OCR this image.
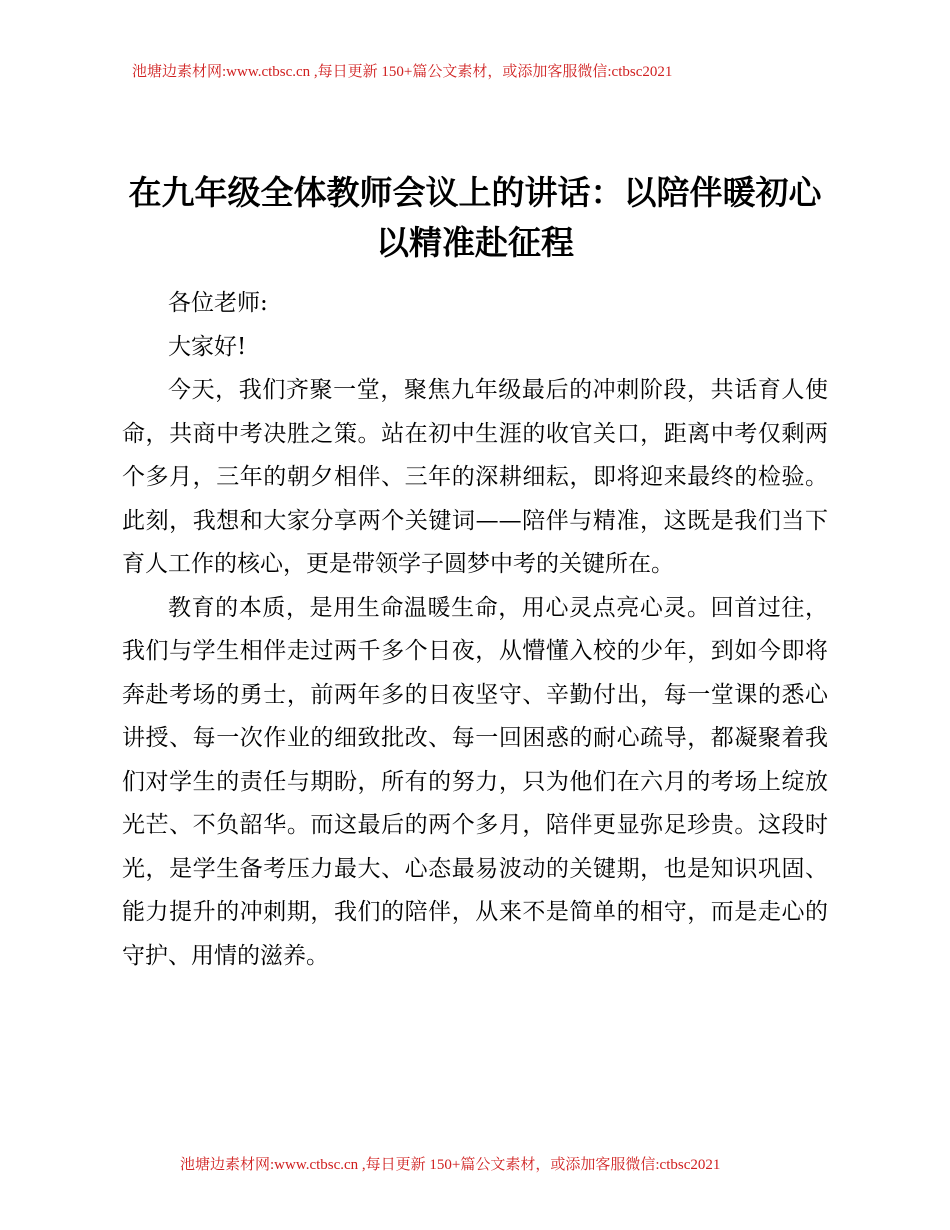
池塘边素材网:www.ctbsc.cn ,每日更新 150+篇公文素材，或添加客服微信:ctbsc2021
在九年级全体教师会议上的讲话：以陪伴暖初心以精准赴征程

各位老师:

大家好!

今天，我们齐聚一堂，聚焦九年级最后的冲刺阶段，共话育人使命，共商中考决胜之策。站在初中生涯的收官关口，距离中考仅剩两个多月，三年的朝夕相伴、三年的深耕细耘，即将迎来最终的检验。此刻，我想和大家分享两个关键词——陪伴与精准，这既是我们当下育人工作的核心，更是带领学子圆梦中考的关键所在。

教育的本质，是用生命温暖生命，用心灵点亮心灵。回首过往，我们与学生相伴走过两千多个日夜，从懵懂入校的少年，到如今即将奔赴考场的勇士，前两年多的日夜坚守、辛勤付出，每一堂课的悉心讲授、每一次作业的细致批改、每一回困惑的耐心疏导，都凝聚着我们对学生的责任与期盼，所有的努力，只为他们在六月的考场上绽放光芒、不负韶华。而这最后的两个多月，陪伴更显弥足珍贵。这段时光，是学生备考压力最大、心态最易波动的关键期，也是知识巩固、能力提升的冲刺期，我们的陪伴，从来不是简单的相守，而是走心的守护、用情的滋养。

池塘边素材网:www.ctbsc.cn ,每日更新 150+篇公文素材，或添加客服微信:ctbsc2021
